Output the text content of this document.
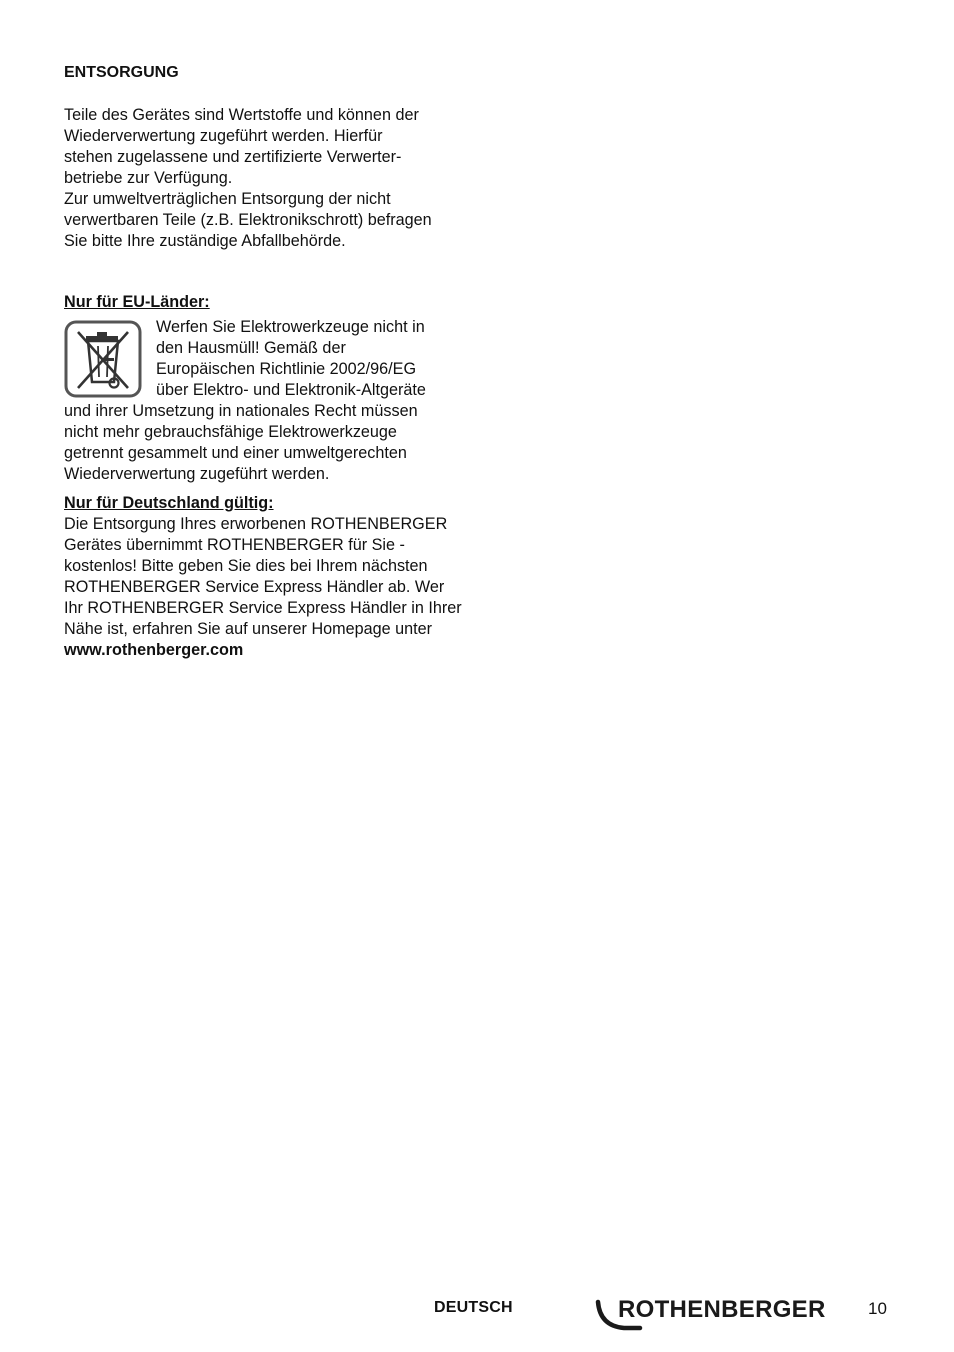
ENTSORGUNG

Teile des Gerätes sind Wertstoffe und können der
Wiederverwertung zugeführt werden. Hierfür
stehen zugelassene und zertifizierte Verwerter-
betriebe zur Verfügung.
Zur umweltverträglichen Entsorgung der nicht
verwertbaren Teile (z.B. Elektronikschrott) befragen
Sie bitte Ihre zuständige Abfallbehörde.

Nur für EU-Länder:
Werfen Sie Elektrowerkzeuge nicht in
den Hausmüll! Gemäß der
Europäischen Richtlinie 2002/96/EG
über Elektro- und Elektronik-Altgeräte
und ihrer Umsetzung in nationales Recht müssen
nicht mehr gebrauchsfähige Elektrowerkzeuge
getrennt gesammelt und einer umweltgerechten
Wiederverwertung zugeführt werden.
Nur für Deutschland gültig:

Die Entsorgung Ihres erworbenen ROTHENBERGER
Gerätes übernimmt ROTHENBERGER für Sie -
kostenlos! Bitte geben Sie dies bei Ihrem nächsten
ROTHENBERGER Service Express Händler ab. Wer
Ihr ROTHENBERGER Service Express Händler in Ihrer
Nähe ist, erfahren Sie auf unserer Homepage unter
www.rothenberger.com

DEUTSCH	ROTHENBERGER 10
